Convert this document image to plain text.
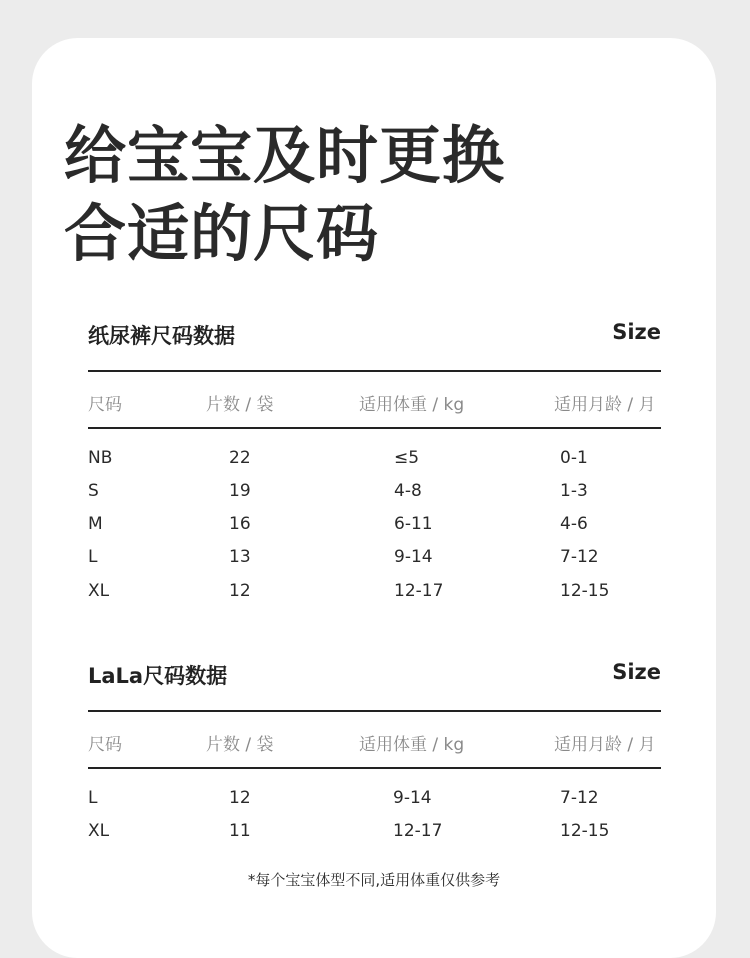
给宝宝及时更换
合适的尺码
纸尿裤尺码数据	Size
尺码	片数 / 袋	适用体重 / kg	适用月龄 / 月
NB	22	≤5	0-1
S	19	4-8	1-3
M	16	6-11	4-6
L	13	9-14	7-12
XL	12	12-17	12-15
LaLa尺码数据	Size
尺码	片数 / 袋	适用体重 / kg	适用月龄 / 月
L	12	9-14	7-12
XL	11	12-17	12-15
*每个宝宝体型不同,适用体重仅供参考
